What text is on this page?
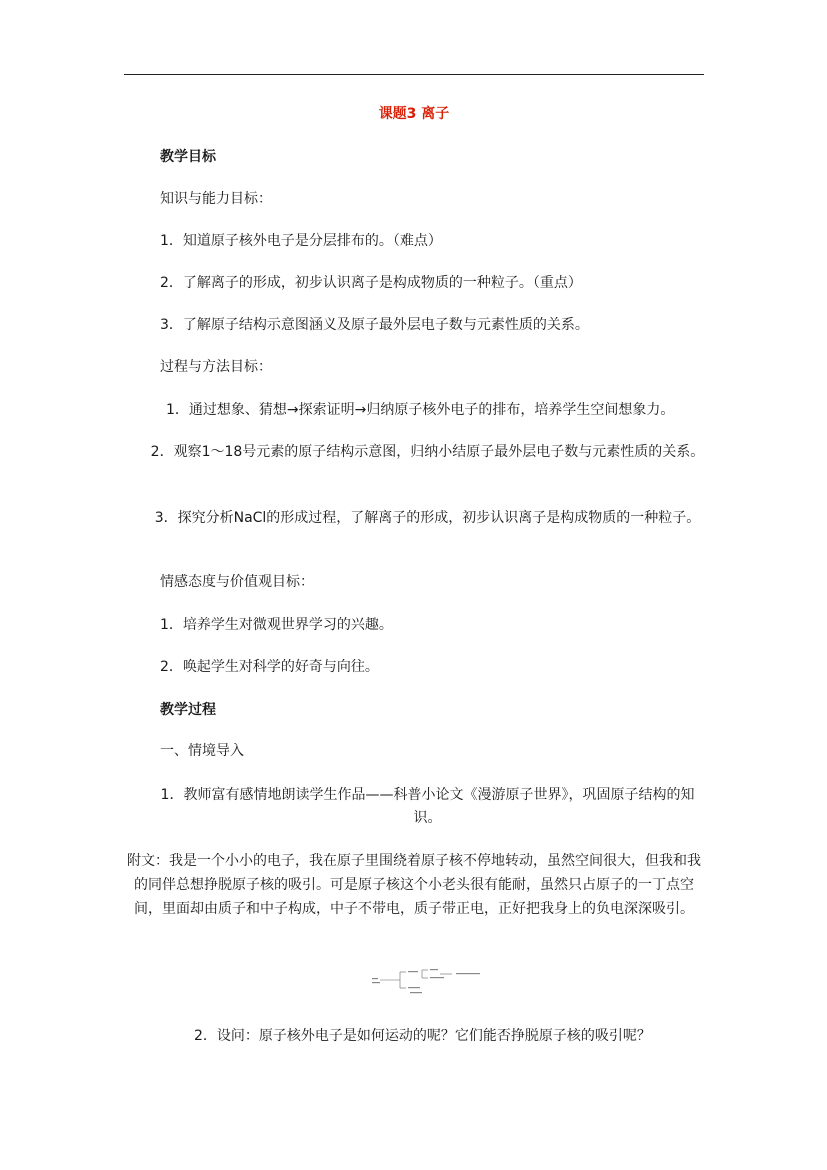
课题3 离子
教学目标
知识与能力目标：
1．知道原子核外电子是分层排布的。（难点）
2．了解离子的形成，初步认识离子是构成物质的一种粒子。（重点）
3．了解原子结构示意图涵义及原子最外层电子数与元素性质的关系。
过程与方法目标：
1．通过想象、猜想→探索证明→归纳原子核外电子的排布，培养学生空间想象力。
2．观察1～18号元素的原子结构示意图，归纳小结原子最外层电子数与元素性质的关系。
3．探究分析NaCl的形成过程，了解离子的形成，初步认识离子是构成物质的一种粒子。
情感态度与价值观目标：
1．培养学生对微观世界学习的兴趣。
2．唤起学生对科学的好奇与向往。
教学过程
一、情境导入
1．教师富有感情地朗读学生作品——科普小论文《漫游原子世界》，巩固原子结构的知识。
附文：我是一个小小的电子，我在原子里围绕着原子核不停地转动，虽然空间很大，但我和我的同伴总想挣脱原子核的吸引。可是原子核这个小老头很有能耐，虽然只占原子的一丁点空间，里面却由质子和中子构成，中子不带电，质子带正电，正好把我身上的负电深深吸引。
2．设问：原子核外电子是如何运动的呢？它们能否挣脱原子核的吸引呢？
